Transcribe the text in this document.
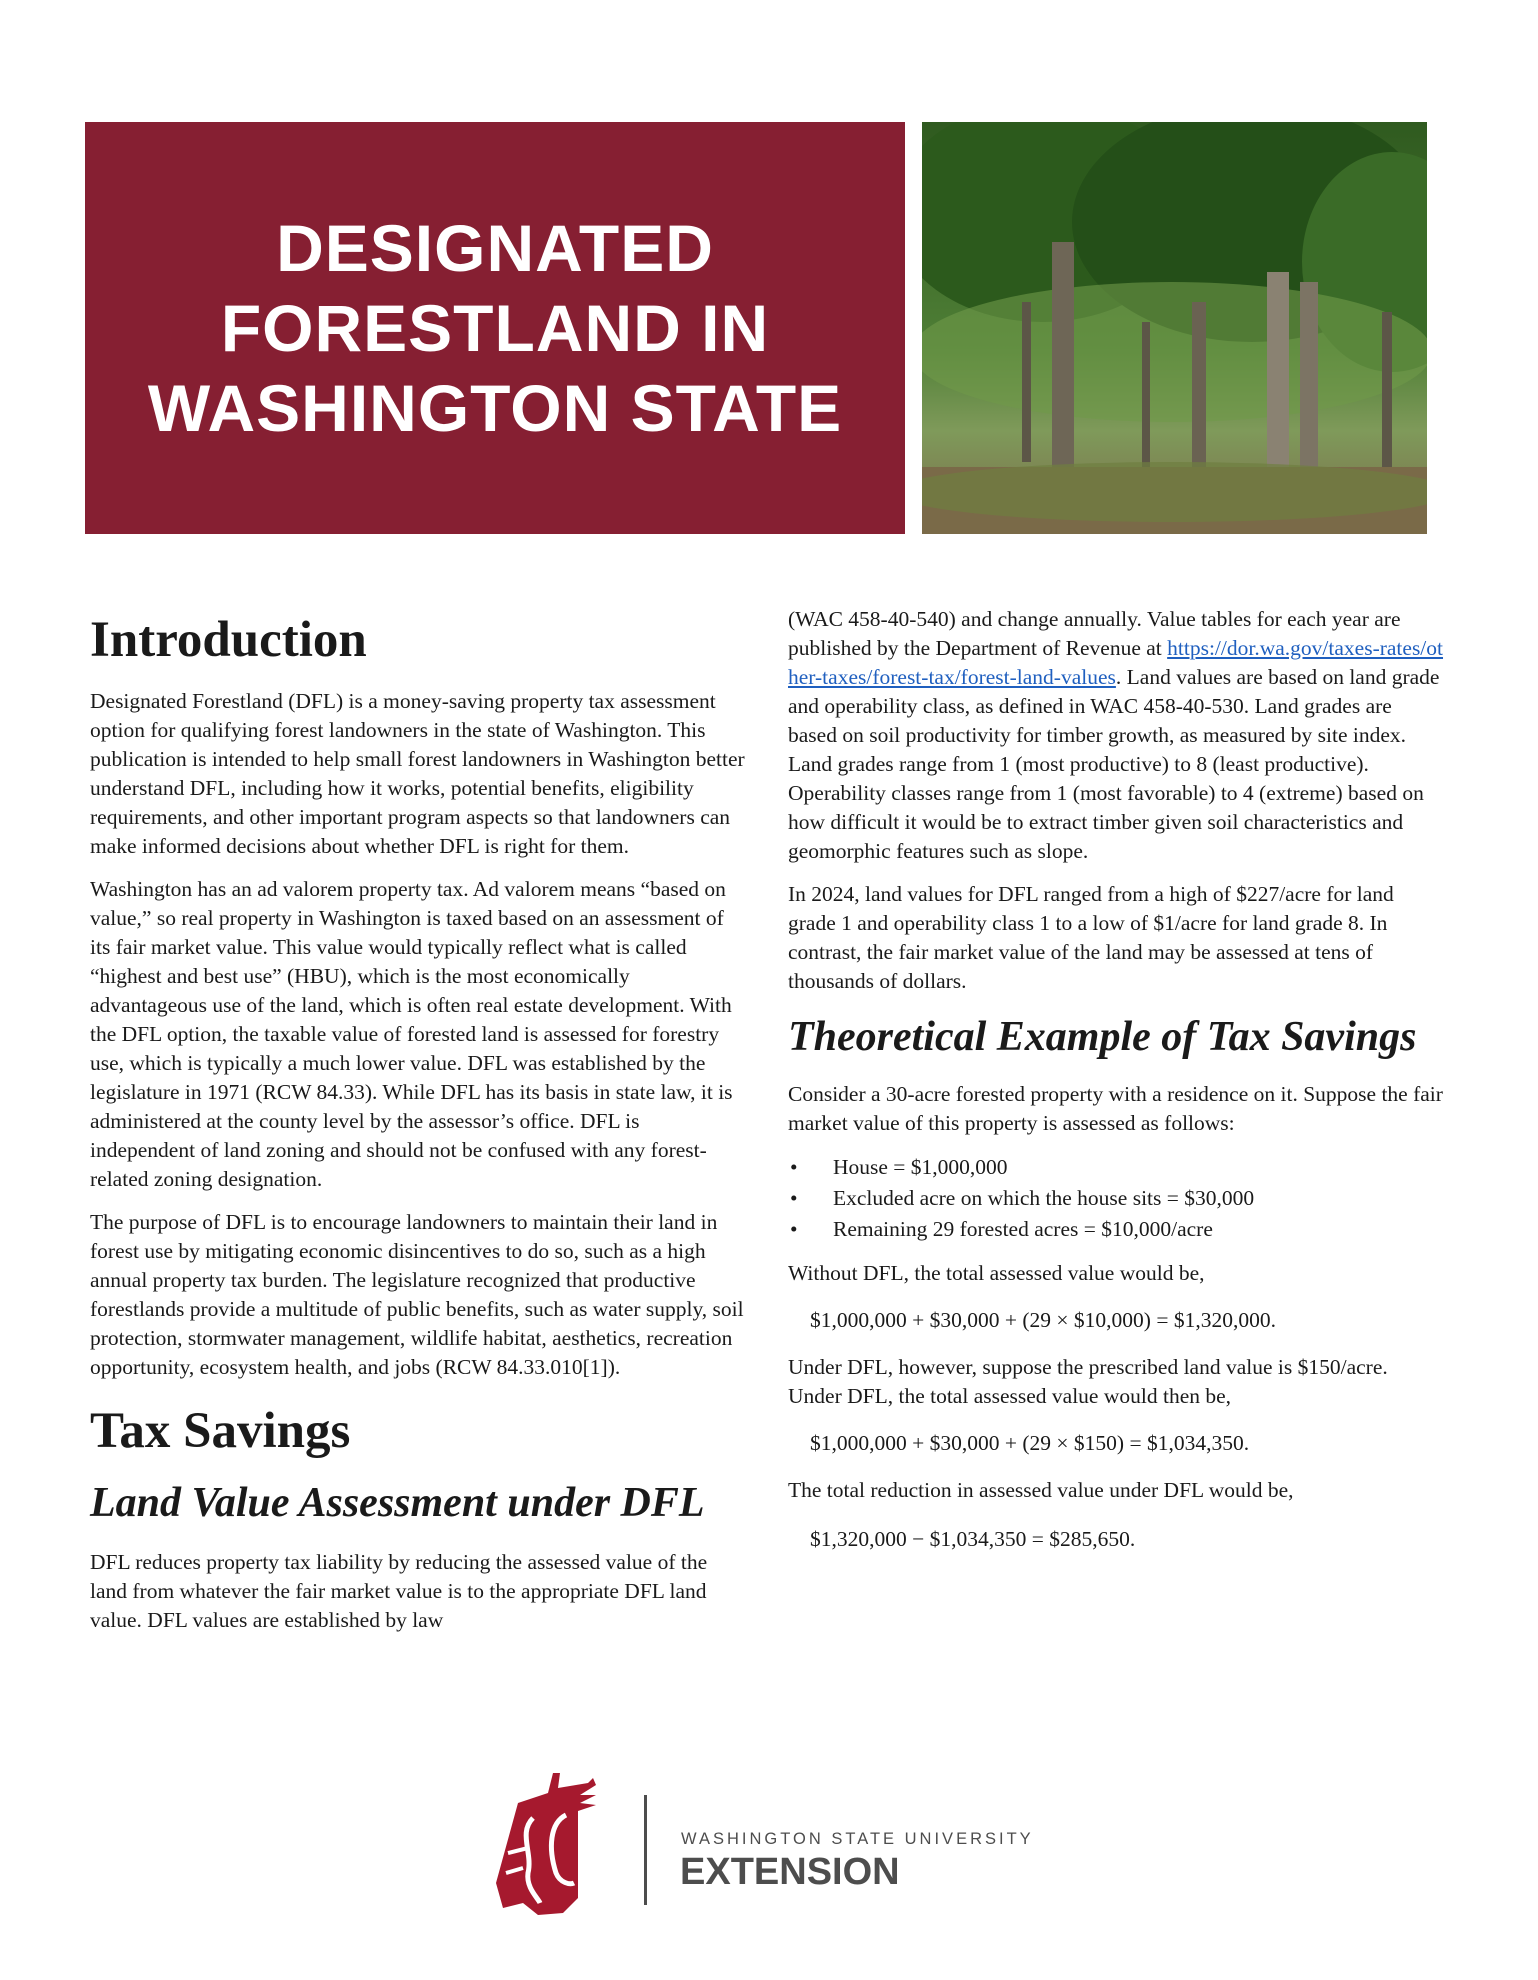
DESIGNATED
FORESTLAND IN
WASHINGTON STATE
Introduction

Designated Forestland (DFL) is a money-saving property tax assessment option for qualifying forest landowners in the state of Washington. This publication is intended to help small forest landowners in Washington better understand DFL, including how it works, potential benefits, eligibility requirements, and other important program aspects so that landowners can make informed decisions about whether DFL is right for them.

Washington has an ad valorem property tax. Ad valorem means “based on value,” so real property in Washington is taxed based on an assessment of its fair market value. This value would typically reflect what is called “highest and best use” (HBU), which is the most economically advantageous use of the land, which is often real estate development. With the DFL option, the taxable value of forested land is assessed for forestry use, which is typically a much lower value. DFL was established by the legislature in 1971 (RCW 84.33). While DFL has its basis in state law, it is administered at the county level by the assessor’s office. DFL is independent of land zoning and should not be confused with any forest-related zoning designation.

The purpose of DFL is to encourage landowners to maintain their land in forest use by mitigating economic disincentives to do so, such as a high annual property tax burden. The legislature recognized that productive forestlands provide a multitude of public benefits, such as water supply, soil protection, stormwater management, wildlife habitat, aesthetics, recreation opportunity, ecosystem health, and jobs (RCW 84.33.010[1]).

Tax Savings
Land Value Assessment under DFL

DFL reduces property tax liability by reducing the assessed value of the land from whatever the fair market value is to the appropriate DFL land value. DFL values are established by law

(WAC 458-40-540) and change annually. Value tables for each year are published by the Department of Revenue at https://dor.wa.gov/taxes-rates/other-taxes/forest-tax/forest-land-values. Land values are based on land grade and operability class, as defined in WAC 458-40-530. Land grades are based on soil productivity for timber growth, as measured by site index. Land grades range from 1 (most productive) to 8 (least productive). Operability classes range from 1 (most favorable) to 4 (extreme) based on how difficult it would be to extract timber given soil characteristics and geomorphic features such as slope.

In 2024, land values for DFL ranged from a high of $227/acre for land grade 1 and operability class 1 to a low of $1/acre for land grade 8. In contrast, the fair market value of the land may be assessed at tens of thousands of dollars.

Theoretical Example of Tax Savings

Consider a 30-acre forested property with a residence on it. Suppose the fair market value of this property is assessed as follows:

• House = $1,000,000
• Excluded acre on which the house sits = $30,000
• Remaining 29 forested acres = $10,000/acre

Without DFL, the total assessed value would be,

$1,000,000 + $30,000 + (29 × $10,000) = $1,320,000.

Under DFL, however, suppose the prescribed land value is $150/acre. Under DFL, the total assessed value would then be,

$1,000,000 + $30,000 + (29 × $150) = $1,034,350.

The total reduction in assessed value under DFL would be,

$1,320,000 − $1,034,350 = $285,650.

WASHINGTON STATE UNIVERSITY
EXTENSION
